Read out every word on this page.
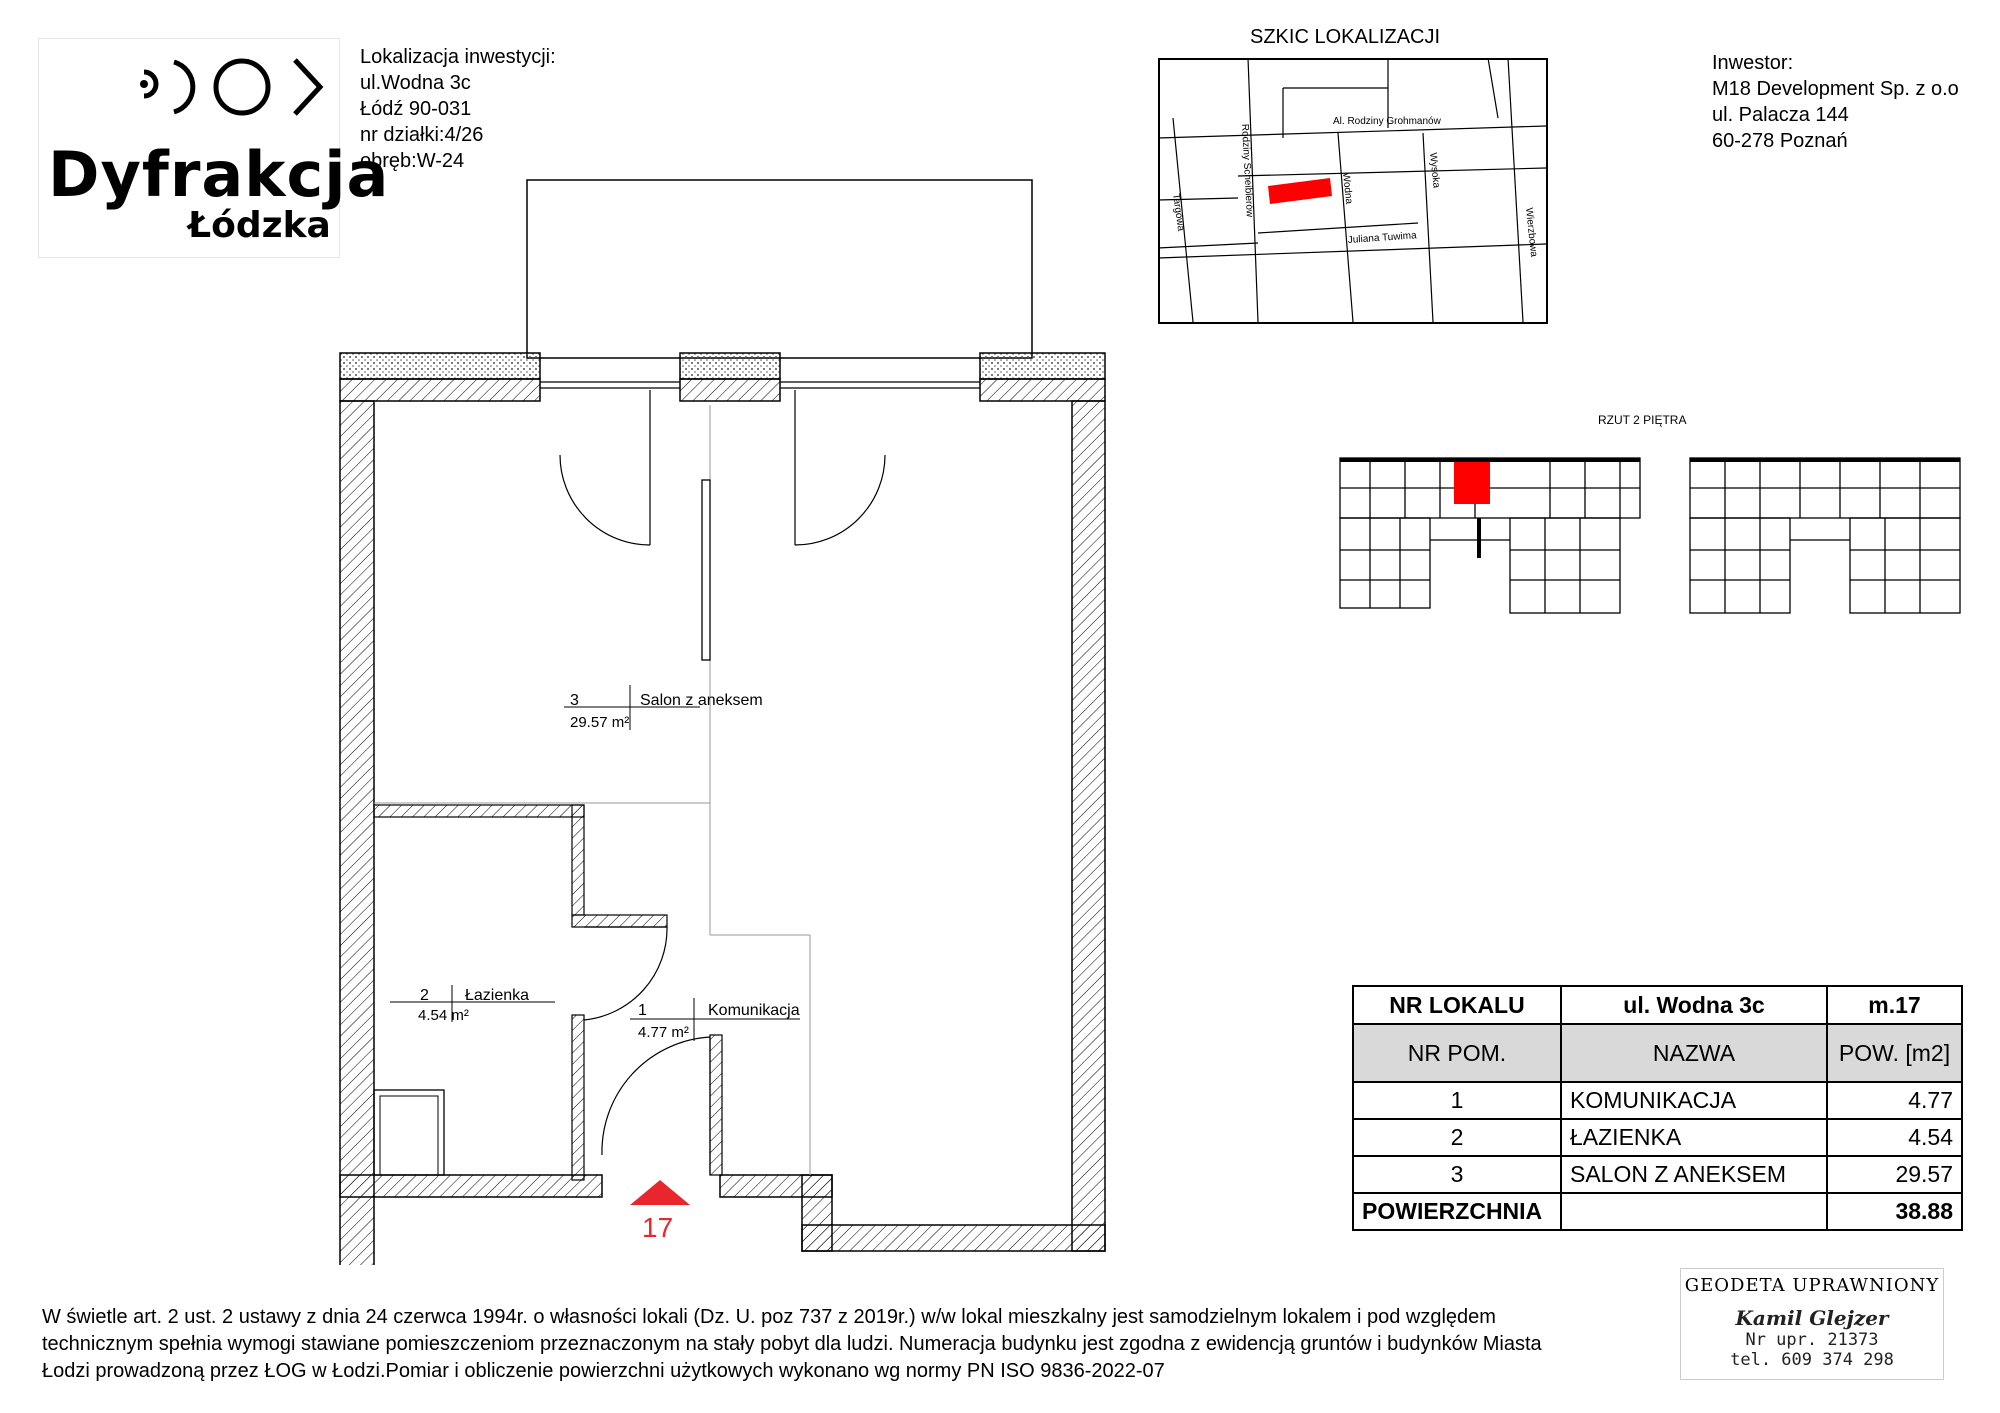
Dyfrakcja
Łódzka
Lokalizacja inwestycji:
ul.Wodna 3c
Łódź 90-031
nr działki:4/26
obręb:W-24
SZKIC LOKALIZACJI
Al. Rodziny Grohmanów
Rodziny Scheiblerów	Wodna	Wysoka
Targowa
Juliana Tuwima	Wierzbowa
Inwestor:
M18 Development Sp. z o.o
ul. Palacza 144
60-278 Poznań
RZUT 2 PIĘTRA
3	Salon z aneksem
29.57 m²
2 Łazienka
4.54 m²	1	Komunikacja
4.77 m²
17
NR LOKALU	ul. Wodna 3c	m.17
NR POM.	NAZWA	POW. [m2]
1	KOMUNIKACJA	4.77
2	ŁAZIENKA	4.54
3	SALON Z ANEKSEM	29.57
POWIERZCHNIA		38.88
W świetle art. 2 ust. 2 ustawy z dnia 24 czerwca 1994r. o własności lokali (Dz. U. poz 737 z 2019r.) w/w lokal mieszkalny jest samodzielnym lokalem i pod względem
technicznym spełnia wymogi stawiane pomieszczeniom przeznaczonym na stały pobyt dla ludzi. Numeracja budynku jest zgodna z ewidencją gruntów i budynków Miasta
Łodzi prowadzoną przez ŁOG w Łodzi.Pomiar i obliczenie powierzchni użytkowych wykonano wg normy PN ISO 9836-2022-07
GEODETA UPRAWNIONY
Kamil Glejzer
Nr upr. 21373
tel. 609 374 298
